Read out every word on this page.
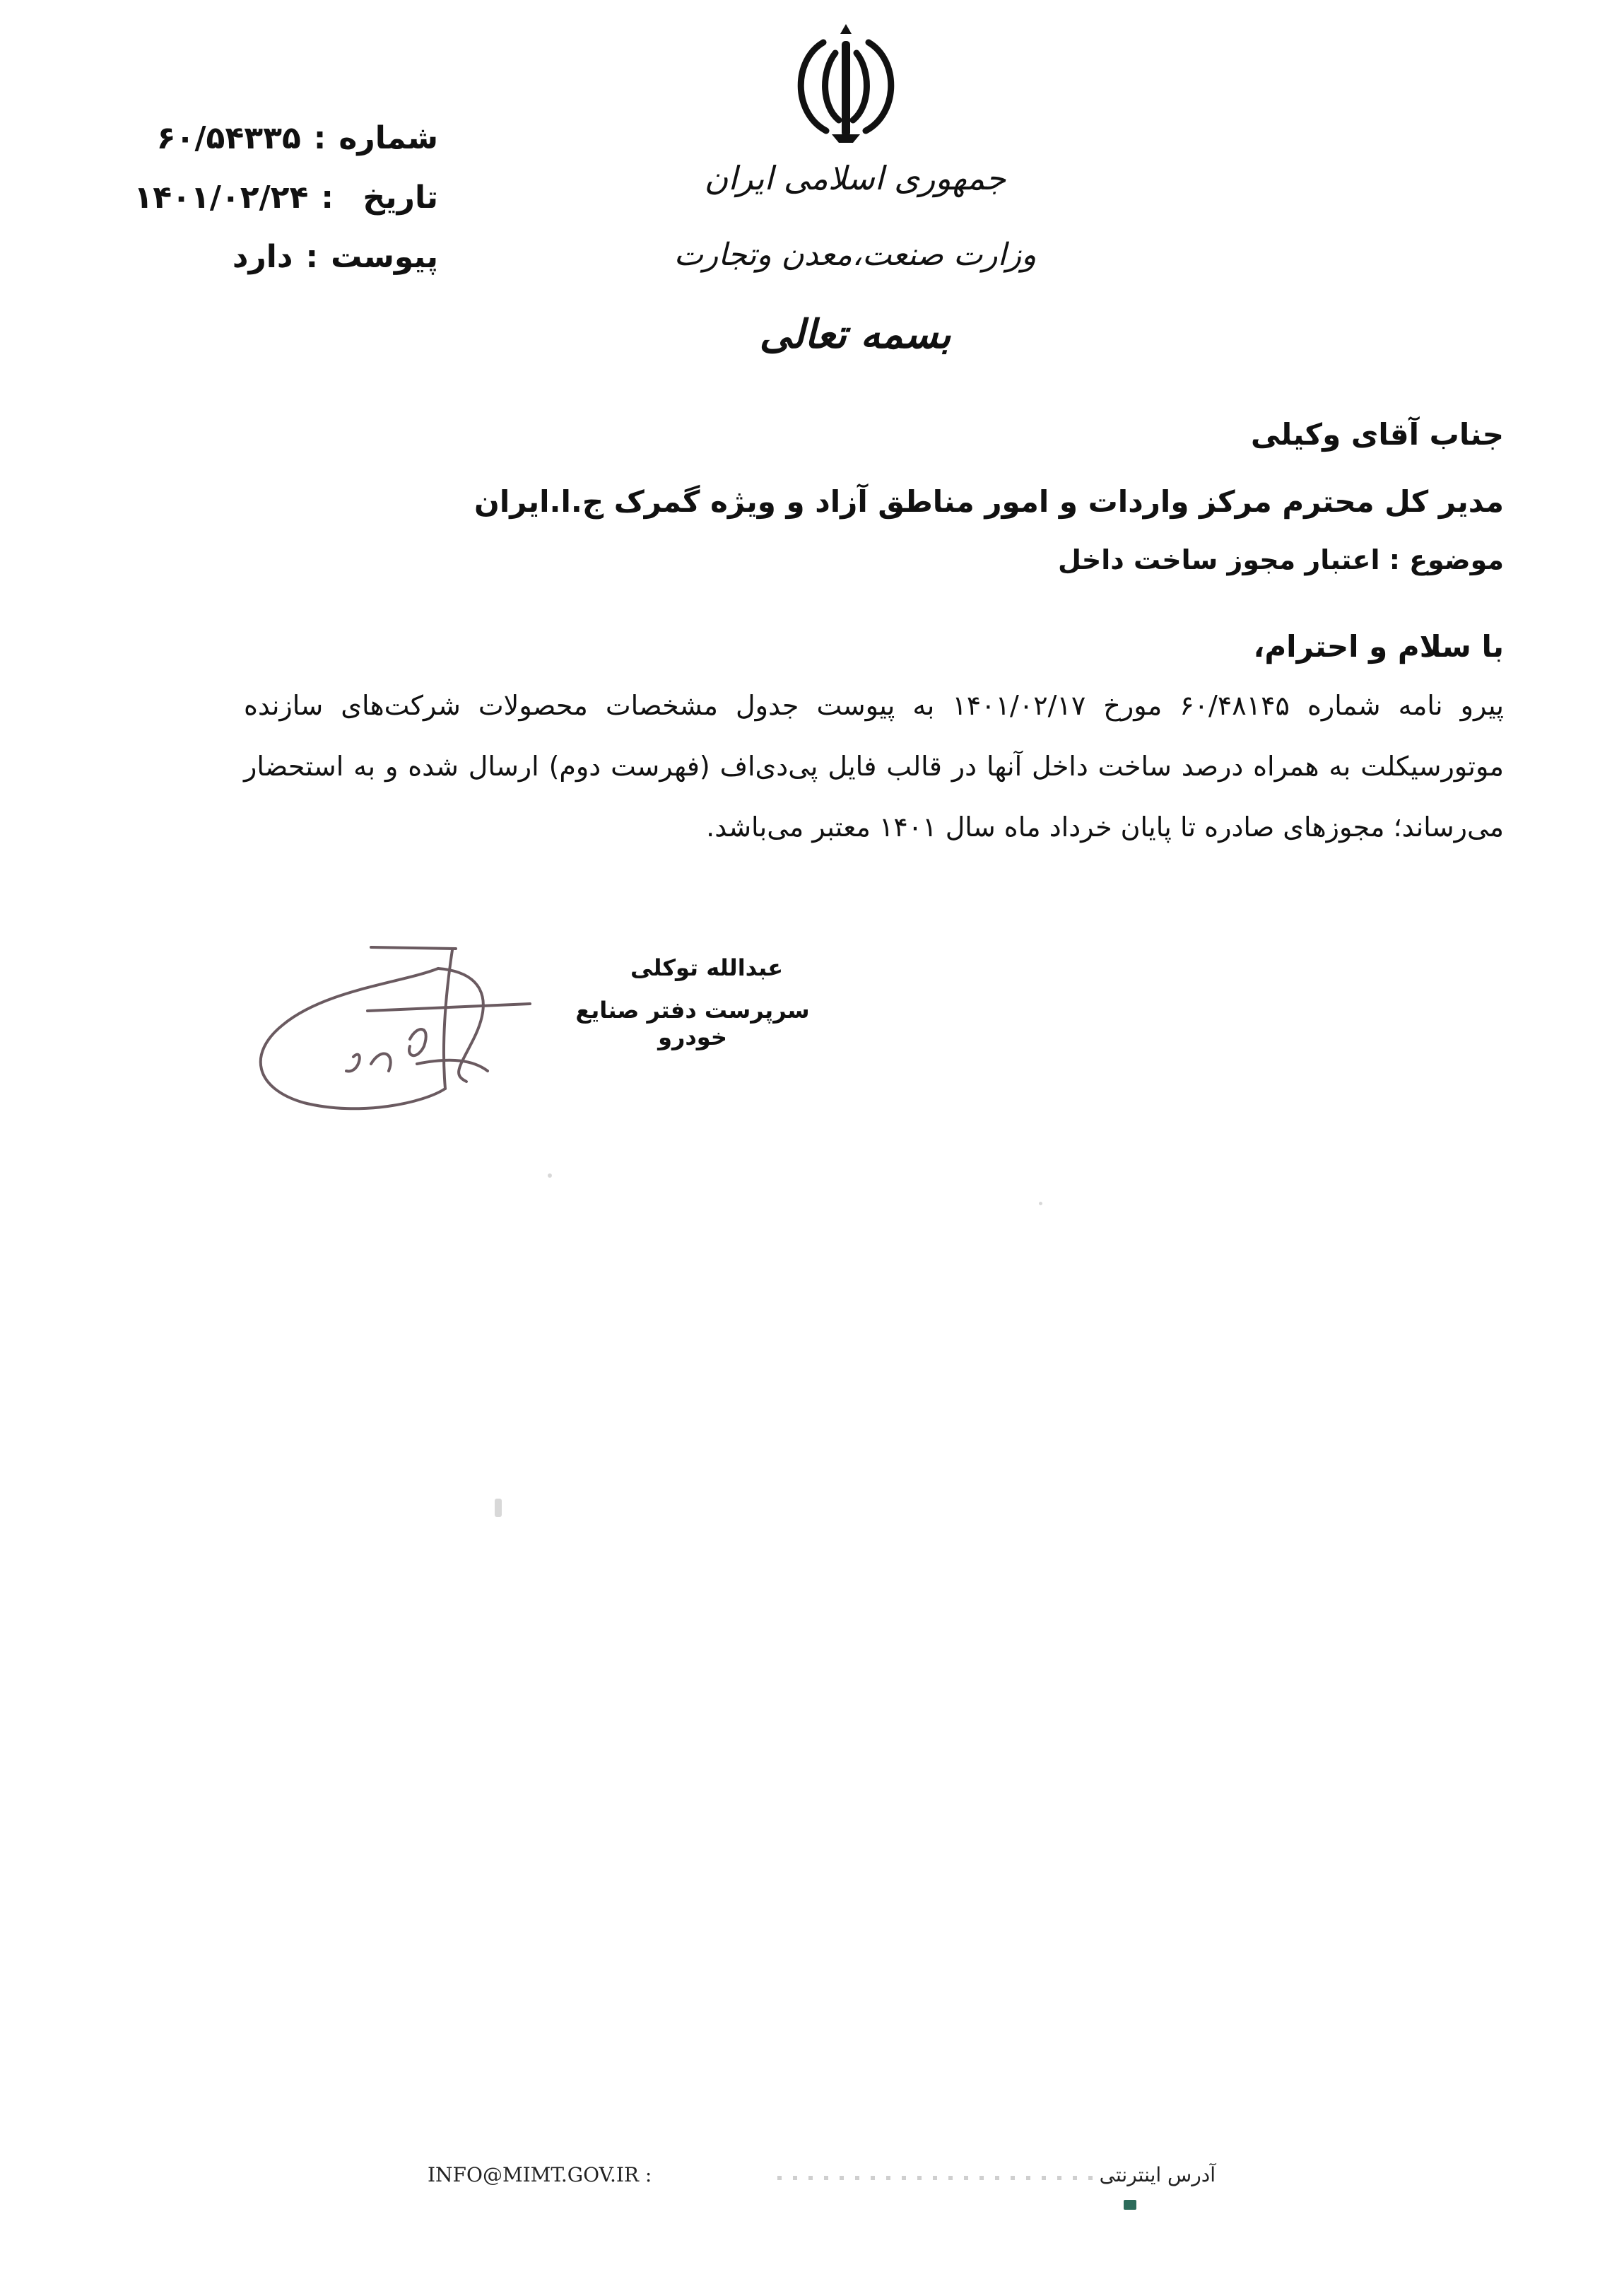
شماره
:
۶۰/۵۴۳۳۵
تاریخ
:
۱۴۰۱/۰۲/۲۴
پیوست
:
دارد
جمهوری اسلامی ایران
وزارت صنعت،معدن وتجارت
بسمه تعالی
جناب آقای وکیلی
مدیر کل محترم مرکز واردات و امور مناطق آزاد و ویژه گمرک ج.ا.ایران
موضوع : اعتبار مجوز ساخت داخل
با سلام و احترام،
پیرو نامه شماره ۶۰/۴۸۱۴۵ مورخ ۱۴۰۱/۰۲/۱۷ به پیوست جدول مشخصات محصولات شرکت‌های سازنده موتورسیکلت به همراه درصد ساخت داخل آنها در قالب فایل پی‌دی‌اف (فهرست دوم) ارسال شده و به استحضار می‌رساند؛ مجوزهای صادره تا پایان خرداد ماه سال ۱۴۰۱ معتبر می‌باشد.
عبدالله توکلی
سرپرست دفتر صنایع خودرو
INFO@MIMT.GOV.IR :	آدرس اینترنتی
